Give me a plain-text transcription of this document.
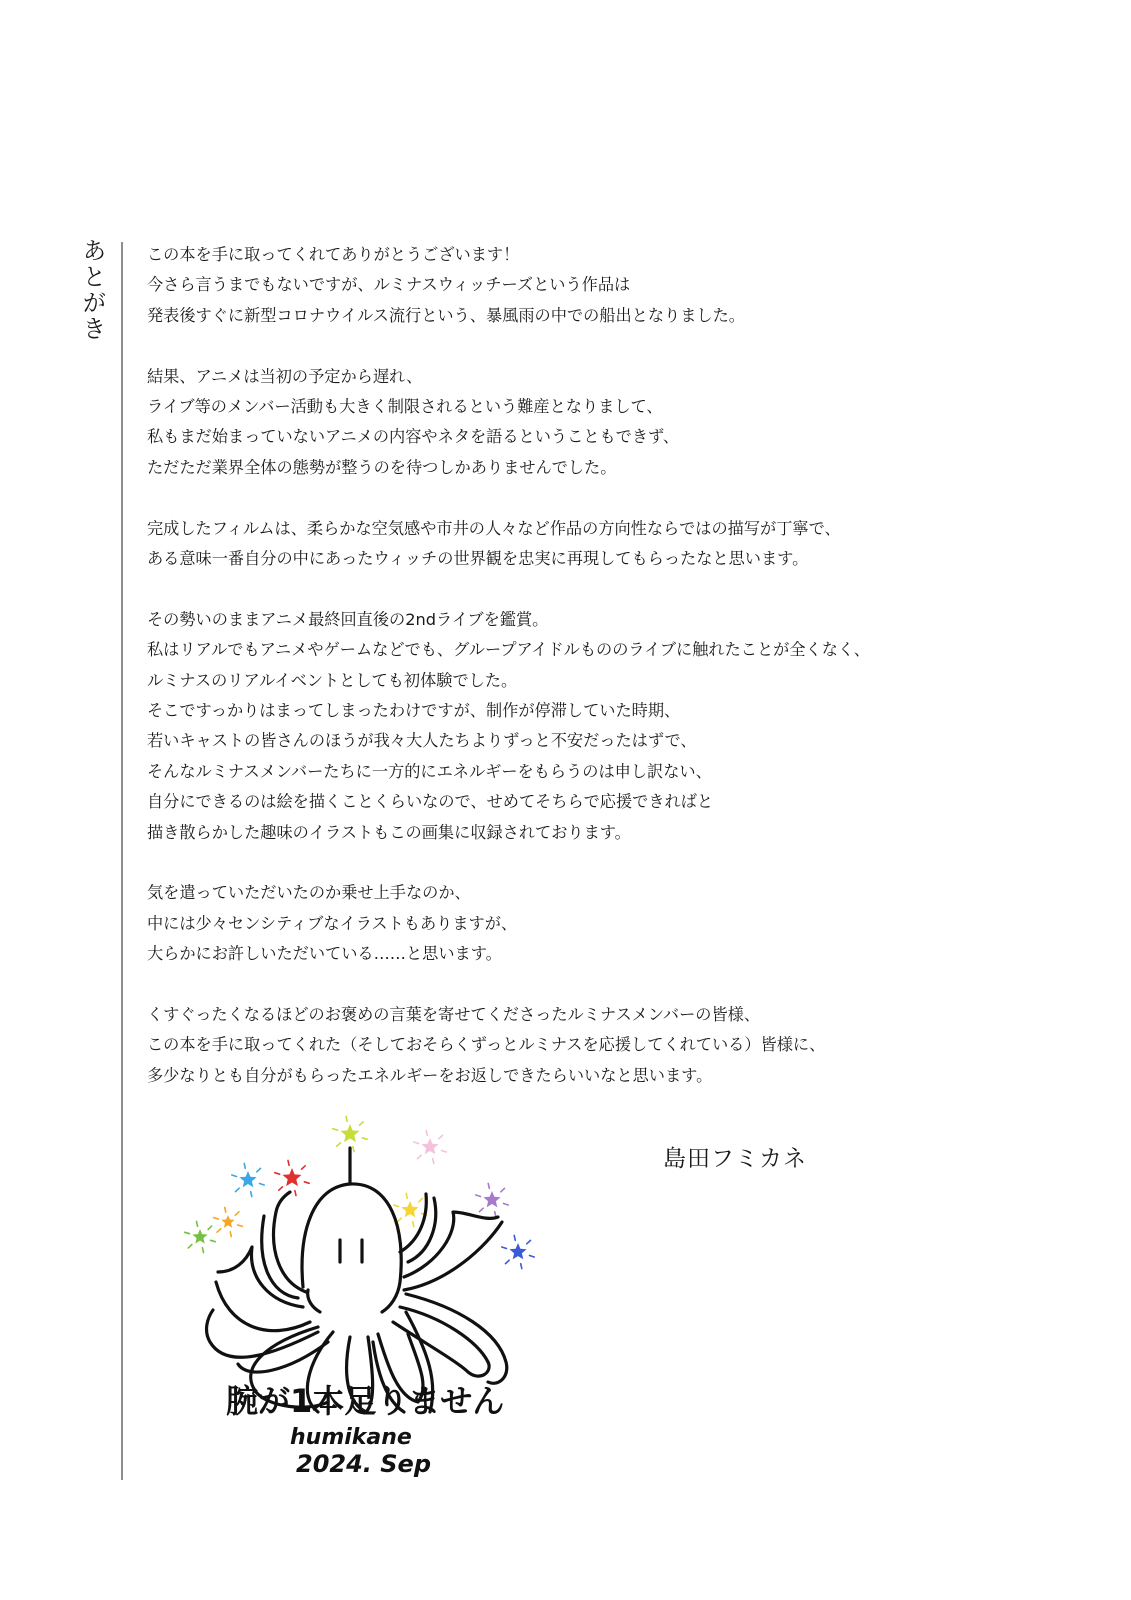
あとがき	この本を手に取ってくれてありがとうございます！
今さら言うまでもないですが、ルミナスウィッチーズという作品は
発表後すぐに新型コロナウイルス流行という、暴風雨の中での船出となりました。
結果、アニメは当初の予定から遅れ、
ライブ等のメンバー活動も大きく制限されるという難産となりまして、
私もまだ始まっていないアニメの内容やネタを語るということもできず、
ただただ業界全体の態勢が整うのを待つしかありませんでした。
完成したフィルムは、柔らかな空気感や市井の人々など作品の方向性ならではの描写が丁寧で、
ある意味一番自分の中にあったウィッチの世界観を忠実に再現してもらったなと思います。
その勢いのままアニメ最終回直後の2ndライブを鑑賞。
私はリアルでもアニメやゲームなどでも、グループアイドルもののライブに触れたことが全くなく、
ルミナスのリアルイベントとしても初体験でした。
そこですっかりはまってしまったわけですが、制作が停滞していた時期、
若いキャストの皆さんのほうが我々大人たちよりずっと不安だったはずで、
そんなルミナスメンバーたちに一方的にエネルギーをもらうのは申し訳ない、
自分にできるのは絵を描くことくらいなので、せめてそちらで応援できればと
描き散らかした趣味のイラストもこの画集に収録されております。
気を遣っていただいたのか乗せ上手なのか、
中には少々センシティブなイラストもありますが、
大らかにお許しいただいている……と思います。
くすぐったくなるほどのお褒めの言葉を寄せてくださったルミナスメンバーの皆様、
この本を手に取ってくれた（そしておそらくずっとルミナスを応援してくれている）皆様に、
多少なりとも自分がもらったエネルギーをお返しできたらいいなと思います。
島田フミカネ
腕が1本足りません
humikane
2024. Sep
